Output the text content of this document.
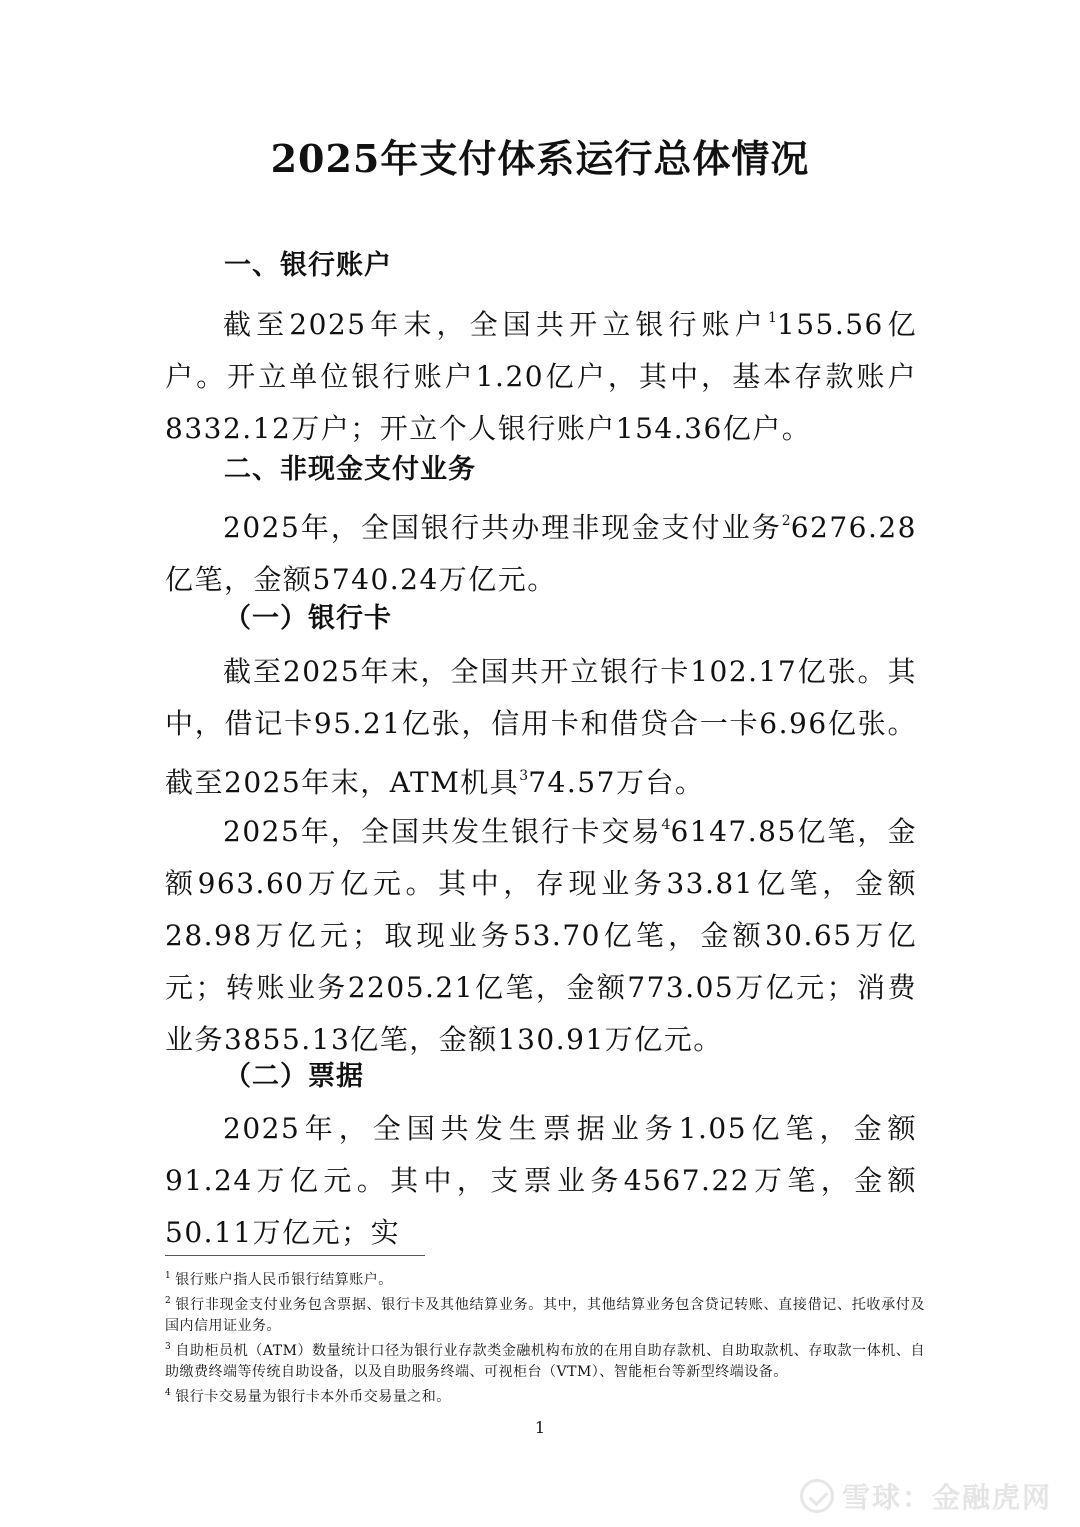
2025年支付体系运行总体情况
一、银行账户

截至2025年末，全国共开立银行账户$^1$155.56亿户。开立单位银行账户1.20亿户，其中，基本存款账户8332.12万户；开立个人银行账户154.36亿户。

二、非现金支付业务

2025年，全国银行共办理非现金支付业务$^2$6276.28亿笔，金额5740.24万亿元。

（一）银行卡

截至2025年末，全国共开立银行卡102.17亿张。其中，借记卡95.21亿张，信用卡和借贷合一卡6.96亿张。截至2025年末，ATM机具$^3$74.57万台。

2025年，全国共发生银行卡交易$^4$6147.85亿笔，金额963.60万亿元。其中，存现业务33.81亿笔，金额28.98万亿元；取现业务53.70亿笔，金额30.65万亿元；转账业务2205.21亿笔，金额773.05万亿元；消费业务3855.13亿笔，金额130.91万亿元。

（二）票据

2025年，全国共发生票据业务1.05亿笔，金额91.24万亿元。其中，支票业务4567.22万笔，金额50.11万亿元；实

$^1$ 银行账户指人民币银行结算账户。

$^2$ 银行非现金支付业务包含票据、银行卡及其他结算业务。其中，其他结算业务包含贷记转账、直接借记、托收承付及国内信用证业务。

$^3$ 自助柜员机（ATM）数量统计口径为银行业存款类金融机构布放的在用自助存款机、自助取款机、存取款一体机、自助缴费终端等传统自助设备，以及自助服务终端、可视柜台（VTM）、智能柜台等新型终端设备。

$^4$ 银行卡交易量为银行卡本外币交易量之和。

1
雪球：金融虎网
